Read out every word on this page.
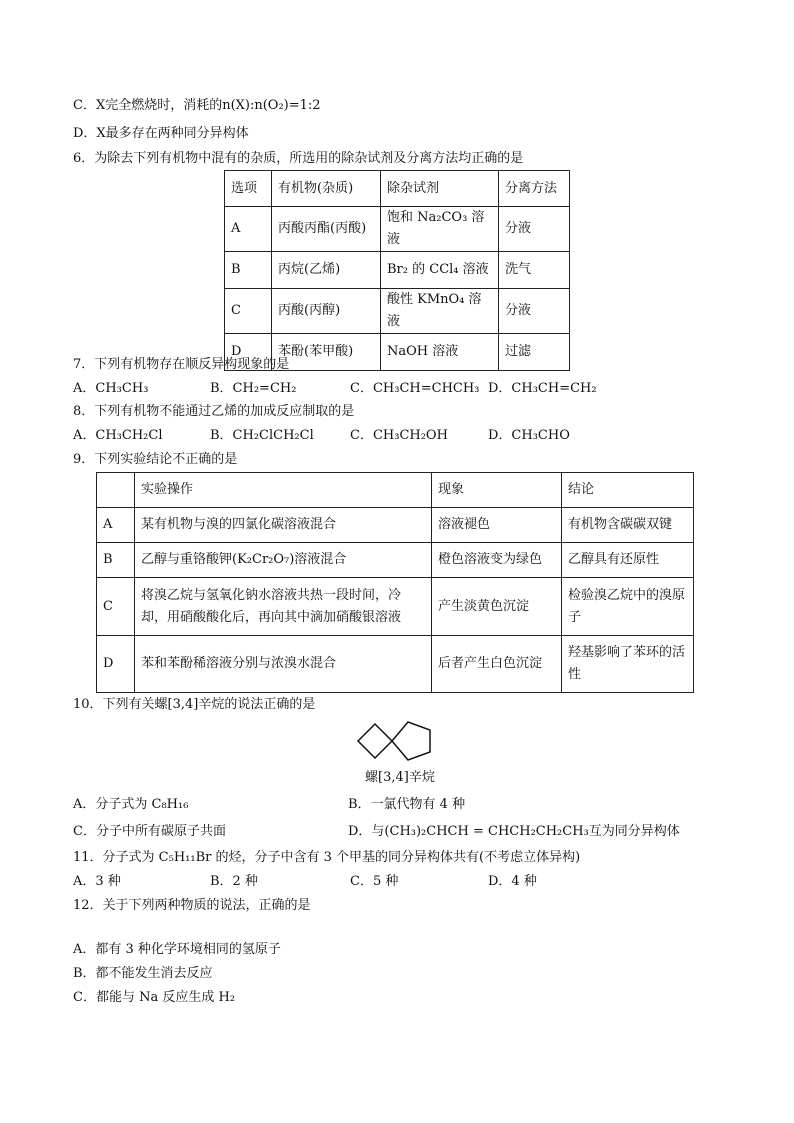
C．X完全燃烧时，消耗的n(X):n(O₂)=1:2
D．X最多存在两种同分异构体
6．为除去下列有机物中混有的杂质，所选用的除杂试剂及分离方法均正确的是
选项	有机物(杂质)	除杂试剂	分离方法
A	丙酸丙酯(丙酸)	饱和 Na₂CO₃ 溶液	分液
B	丙烷(乙烯)	Br₂ 的 CCl₄ 溶液	洗气
C	丙酸(丙醇)	酸性 KMnO₄ 溶液	分液
D	苯酚(苯甲酸)	NaOH 溶液	过滤
7．下列有机物存在顺反异构现象的是
A．CH₃CH₃	B．CH₂=CH₂	C．CH₃CH=CHCH₃ D．CH₃CH=CH₂
8．下列有机物不能通过乙烯的加成反应制取的是
A．CH₃CH₂Cl	B．CH₂ClCH₂Cl	C．CH₃CH₂OH	D．CH₃CHO
9．下列实验结论不正确的是
	实验操作	现象	结论
A	某有机物与溴的四氯化碳溶液混合	溶液褪色	有机物含碳碳双键
B	乙醇与重铬酸钾(K₂Cr₂O₇)溶液混合	橙色溶液变为绿色	乙醇具有还原性
C	将溴乙烷与氢氧化钠水溶液共热一段时间，冷却，用硝酸酸化后，再向其中滴加硝酸银溶液	产生淡黄色沉淀	检验溴乙烷中的溴原子
D	苯和苯酚稀溶液分别与浓溴水混合	后者产生白色沉淀	羟基影响了苯环的活性
10．下列有关螺[3,4]辛烷的说法正确的是
螺[3,4]辛烷
A．分子式为 C₈H₁₆	B．一氯代物有 4 种
C．分子中所有碳原子共面	D．与(CH₃)₂CHCH = CHCH₂CH₂CH₃互为同分异构体
11．分子式为 C₅H₁₁Br 的烃，分子中含有 3 个甲基的同分异构体共有(不考虑立体异构)
A．3 种	B．2 种	C．5 种	D．4 种
12．关于下列两种物质的说法，正确的是
A．都有 3 种化学环境相同的氢原子
B．都不能发生消去反应
C．都能与 Na 反应生成 H₂
